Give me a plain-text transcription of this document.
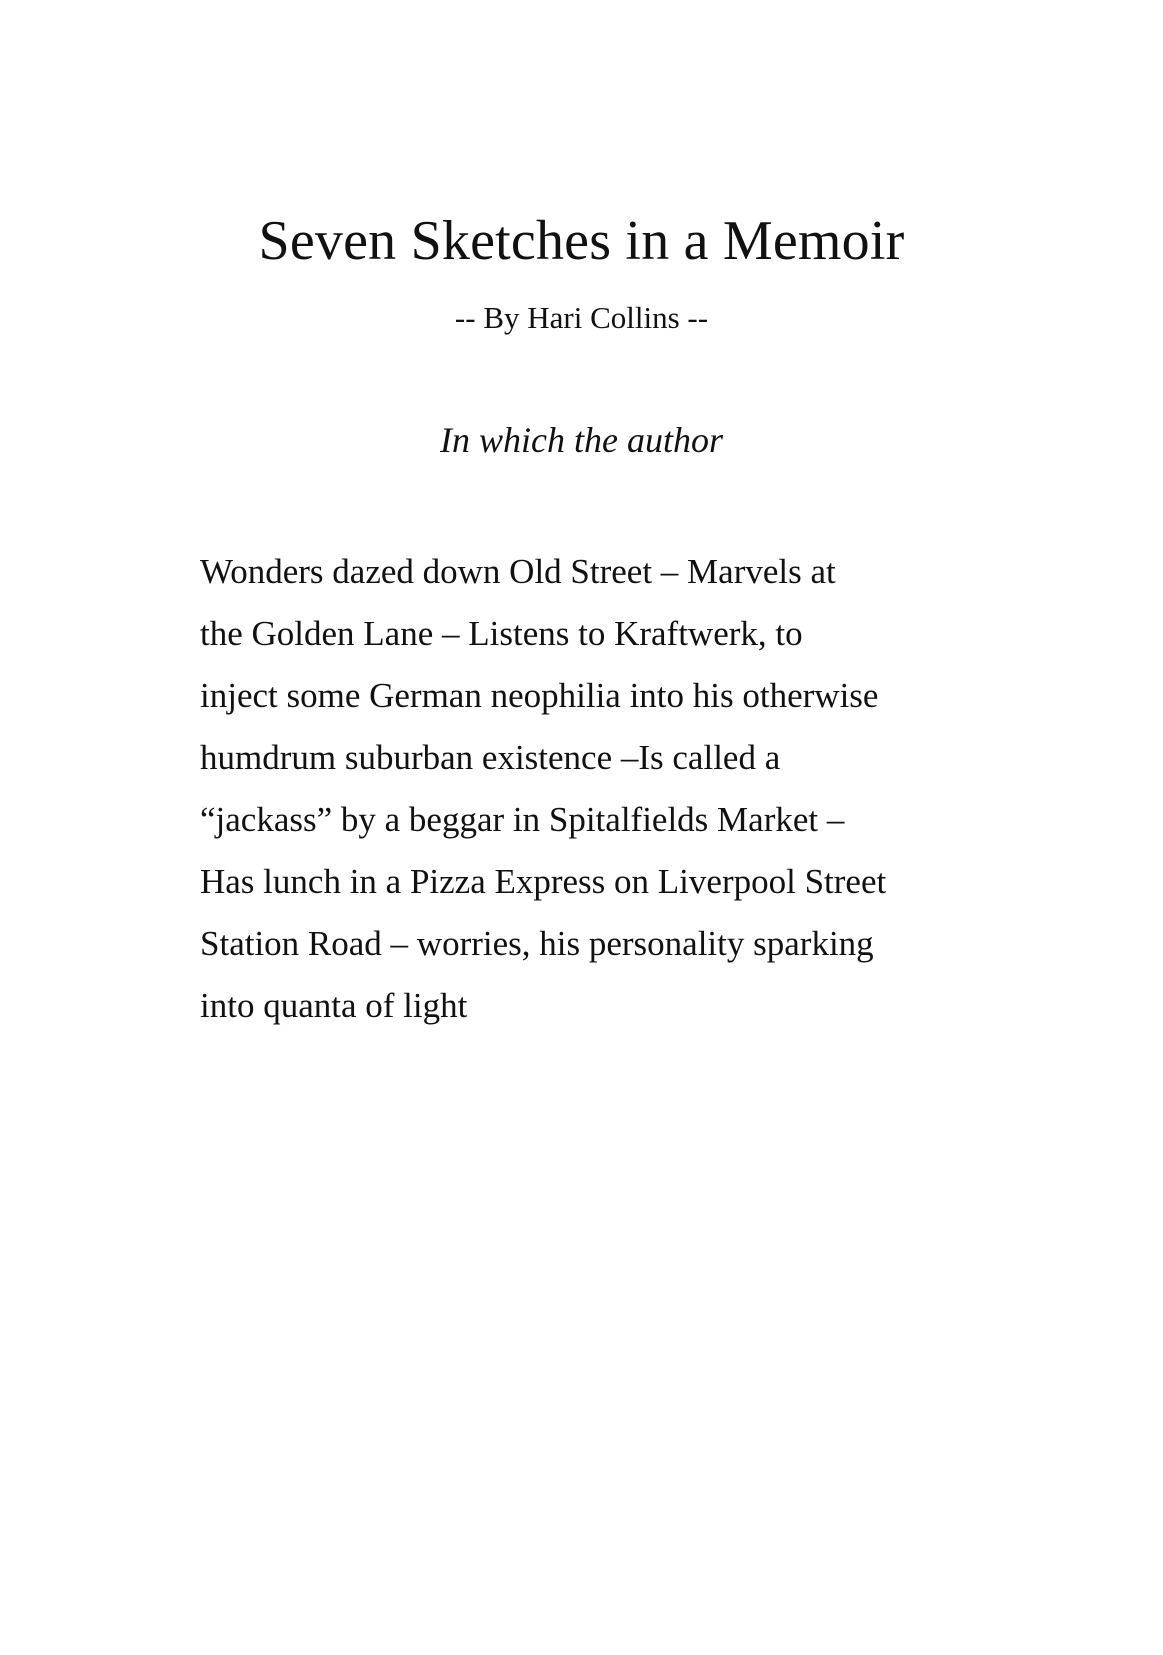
Seven Sketches in a Memoir

-- By Hari Collins --

In which the author

Wonders dazed down Old Street – Marvels at
the Golden Lane – Listens to Kraftwerk, to
inject some German neophilia into his otherwise
humdrum suburban existence –Is called a
“jackass” by a beggar in Spitalfields Market –
Has lunch in a Pizza Express on Liverpool Street
Station Road – worries, his personality sparking
into quanta of light
